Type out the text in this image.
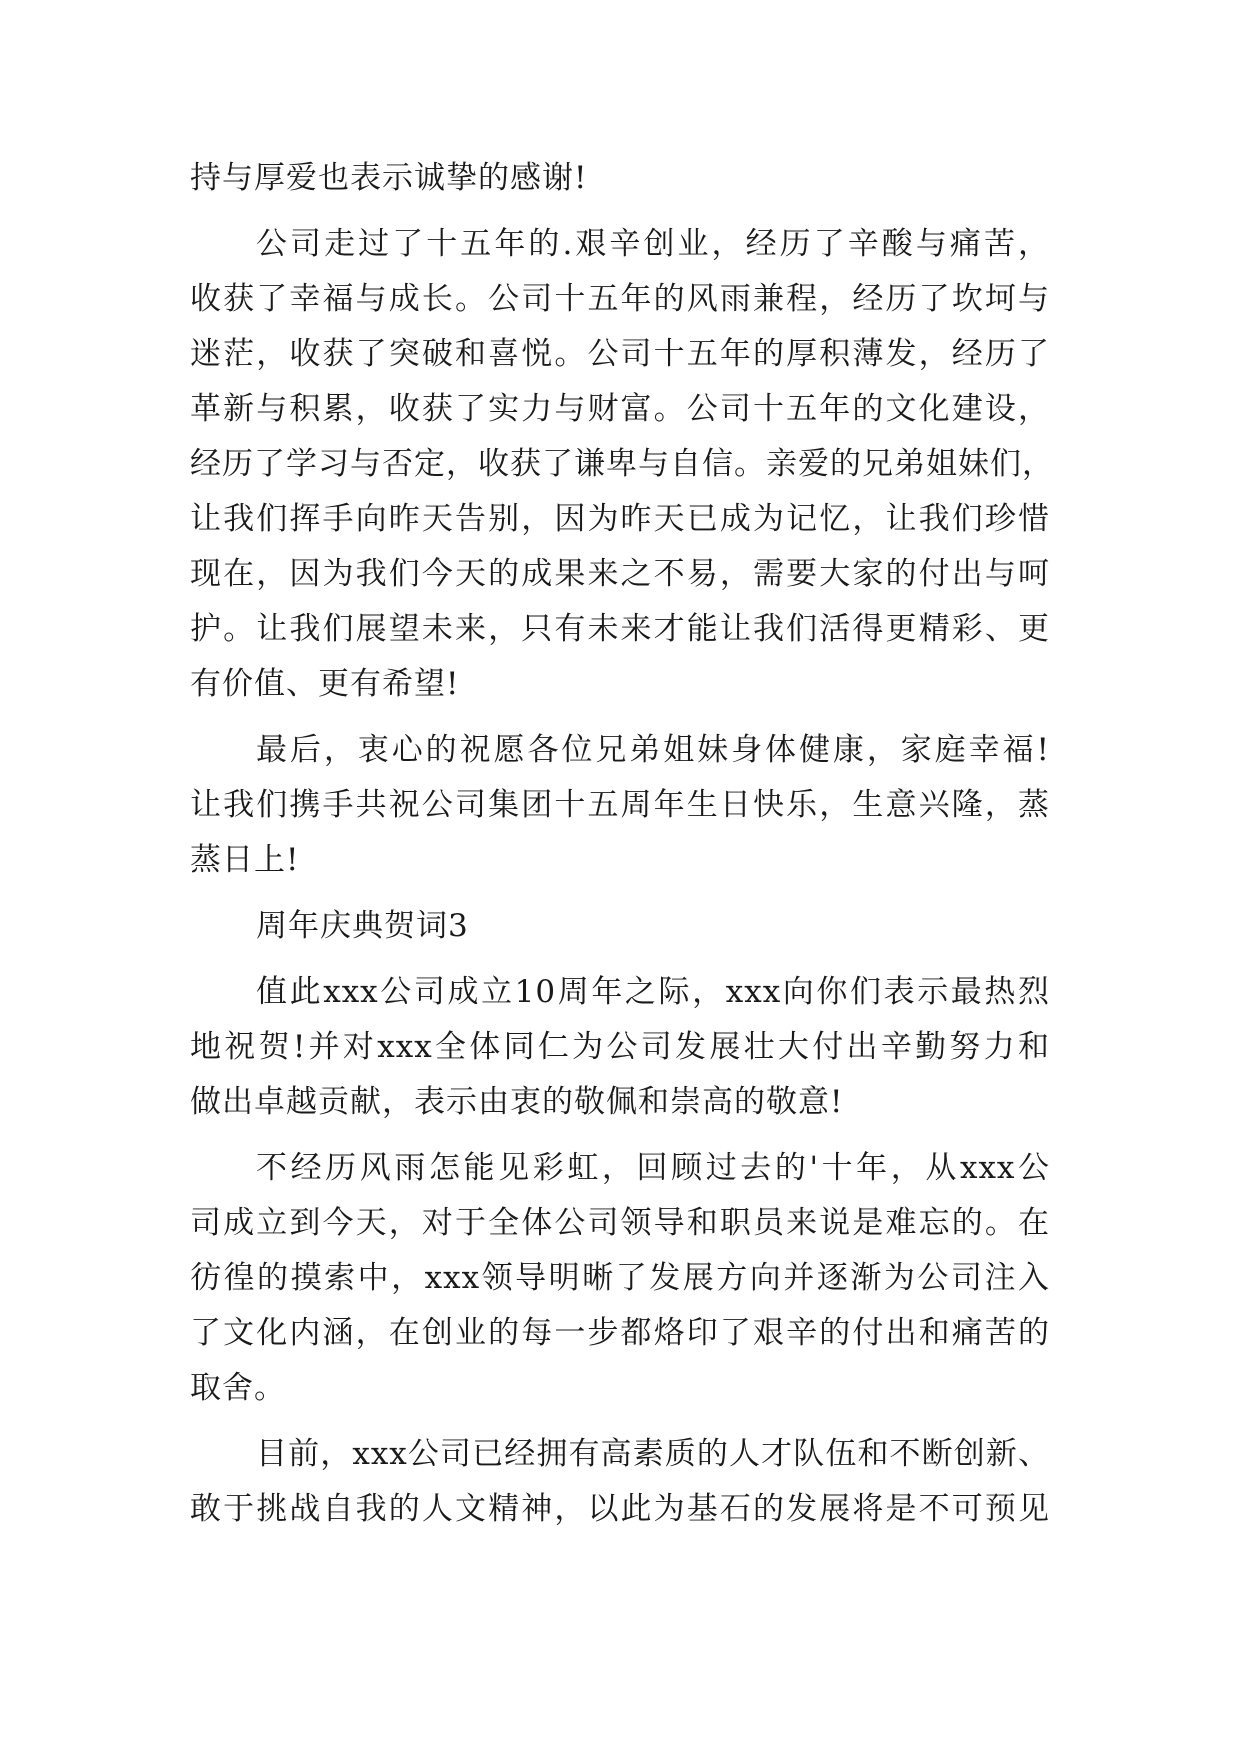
持与厚爱也表示诚挚的感谢!
公司走过了十五年的.艰辛创业，经历了辛酸与痛苦，
收获了幸福与成长。公司十五年的风雨兼程，经历了坎坷与
迷茫，收获了突破和喜悦。公司十五年的厚积薄发，经历了
革新与积累，收获了实力与财富。公司十五年的文化建设，
经历了学习与否定，收获了谦卑与自信。亲爱的兄弟姐妹们，
让我们挥手向昨天告别，因为昨天已成为记忆，让我们珍惜
现在，因为我们今天的成果来之不易，需要大家的付出与呵
护。让我们展望未来，只有未来才能让我们活得更精彩、更
有价值、更有希望!
最后，衷心的祝愿各位兄弟姐妹身体健康，家庭幸福!
让我们携手共祝公司集团十五周年生日快乐，生意兴隆，蒸
蒸日上!
周年庆典贺词3
值此xxx公司成立10周年之际，xxx向你们表示最热烈
地祝贺!并对xxx全体同仁为公司发展壮大付出辛勤努力和
做出卓越贡献，表示由衷的敬佩和崇高的敬意!
不经历风雨怎能见彩虹，回顾过去的'十年，从xxx公
司成立到今天，对于全体公司领导和职员来说是难忘的。在
彷徨的摸索中，xxx领导明晰了发展方向并逐渐为公司注入
了文化内涵，在创业的每一步都烙印了艰辛的付出和痛苦的
取舍。
目前，xxx公司已经拥有高素质的人才队伍和不断创新、
敢于挑战自我的人文精神，以此为基石的发展将是不可预见
